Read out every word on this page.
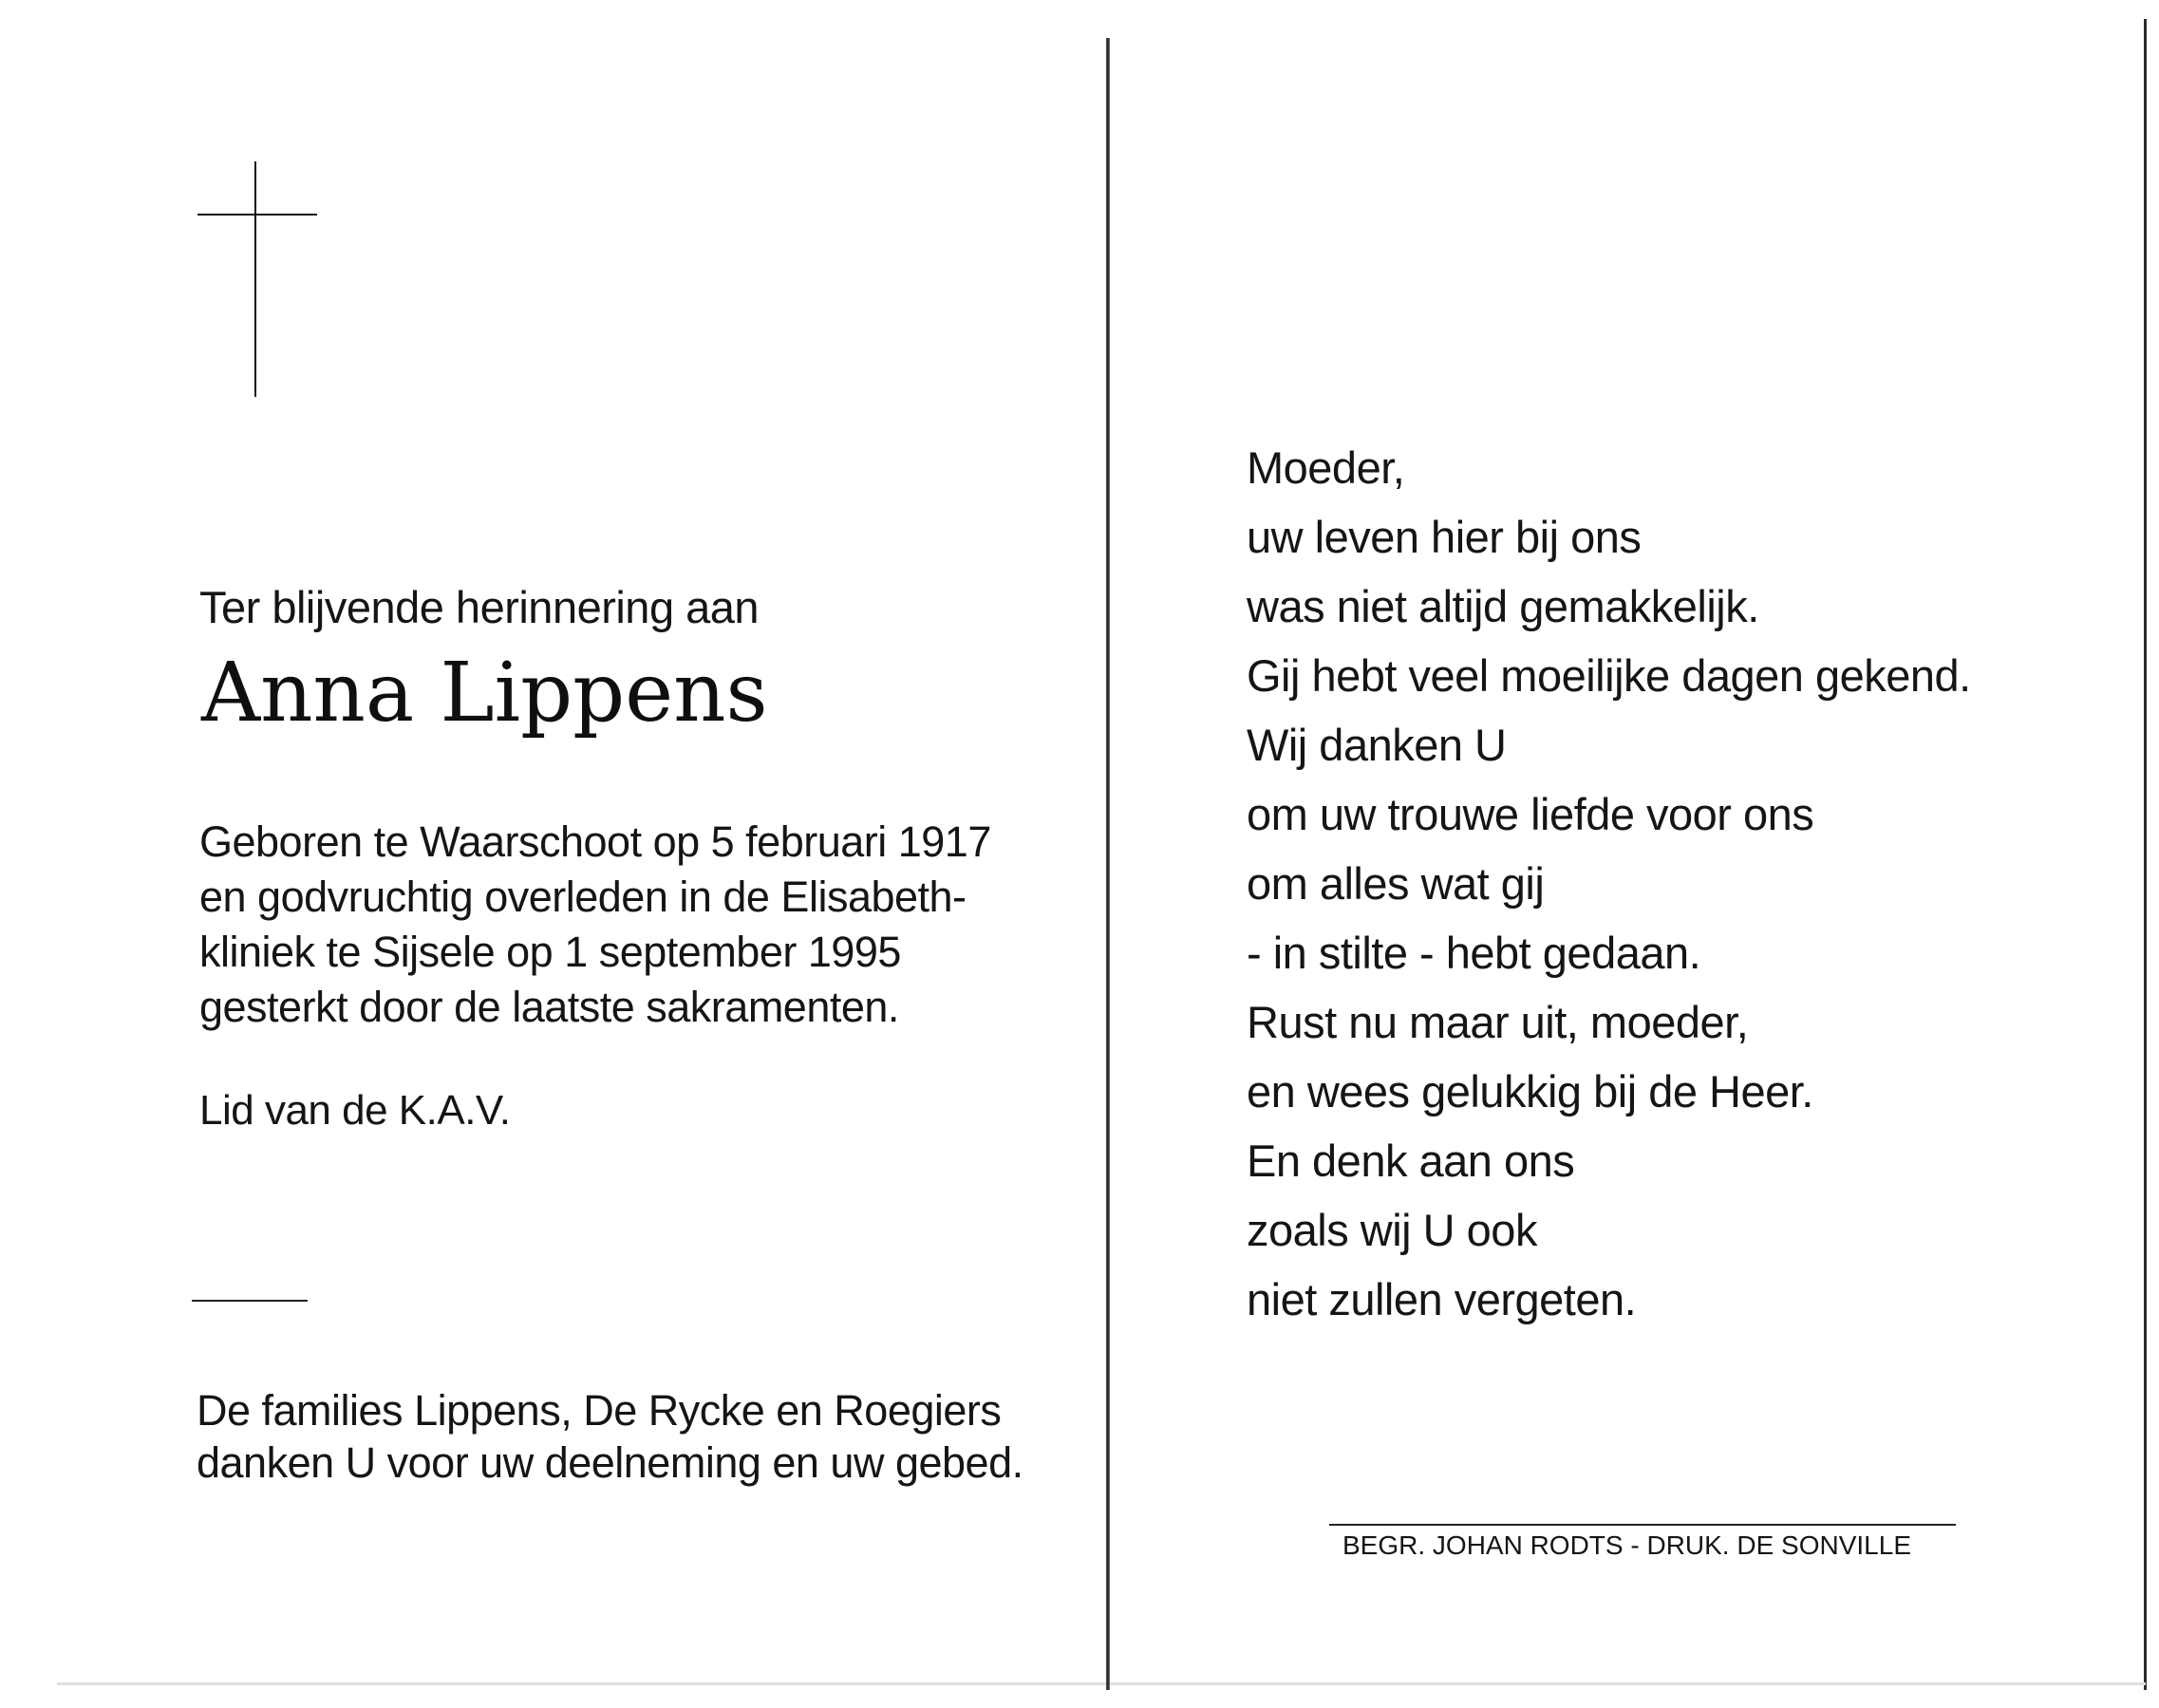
Ter blijvende herinnering aan
Anna Lippens
Geboren te Waarschoot op 5 februari 1917
en godvruchtig overleden in de Elisabeth-
kliniek te Sijsele op 1 september 1995
gesterkt door de laatste sakramenten.
Lid van de K.A.V.
De families Lippens, De Rycke en Roegiers
danken U voor uw deelneming en uw gebed.
Moeder,
uw leven hier bij ons
was niet altijd gemakkelijk.
Gij hebt veel moeilijke dagen gekend.
Wij danken U
om uw trouwe liefde voor ons
om alles wat gij
- in stilte - hebt gedaan.
Rust nu maar uit, moeder,
en wees gelukkig bij de Heer.
En denk aan ons
zoals wij U ook
niet zullen vergeten.
BEGR. JOHAN RODTS - DRUK. DE SONVILLE
